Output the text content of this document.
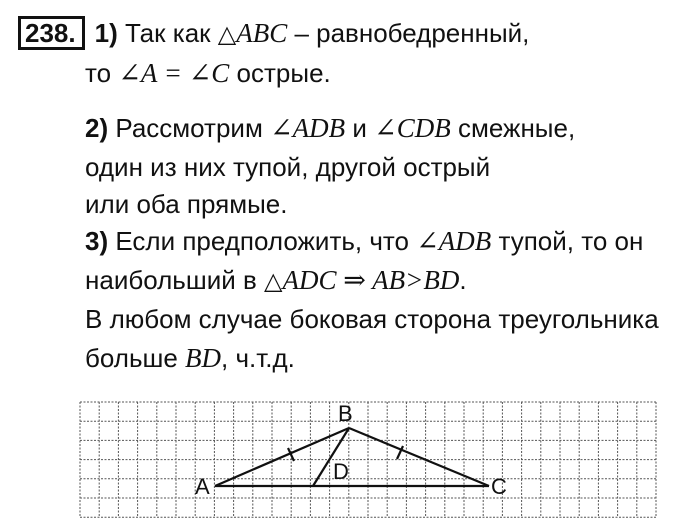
238. 1) Так как △ABC – равнобедренный,
то ∠A = ∠C острые.
2) Рассмотрим ∠ADB и ∠CDB смежные,
один из них тупой, другой острый
или оба прямые.
3) Если предположить, что ∠ADB тупой, то он
наибольший в △ADC ⇒ AB>BD.
В любом случае боковая сторона треугольника
больше BD, ч.т.д.
A
B
C
D
